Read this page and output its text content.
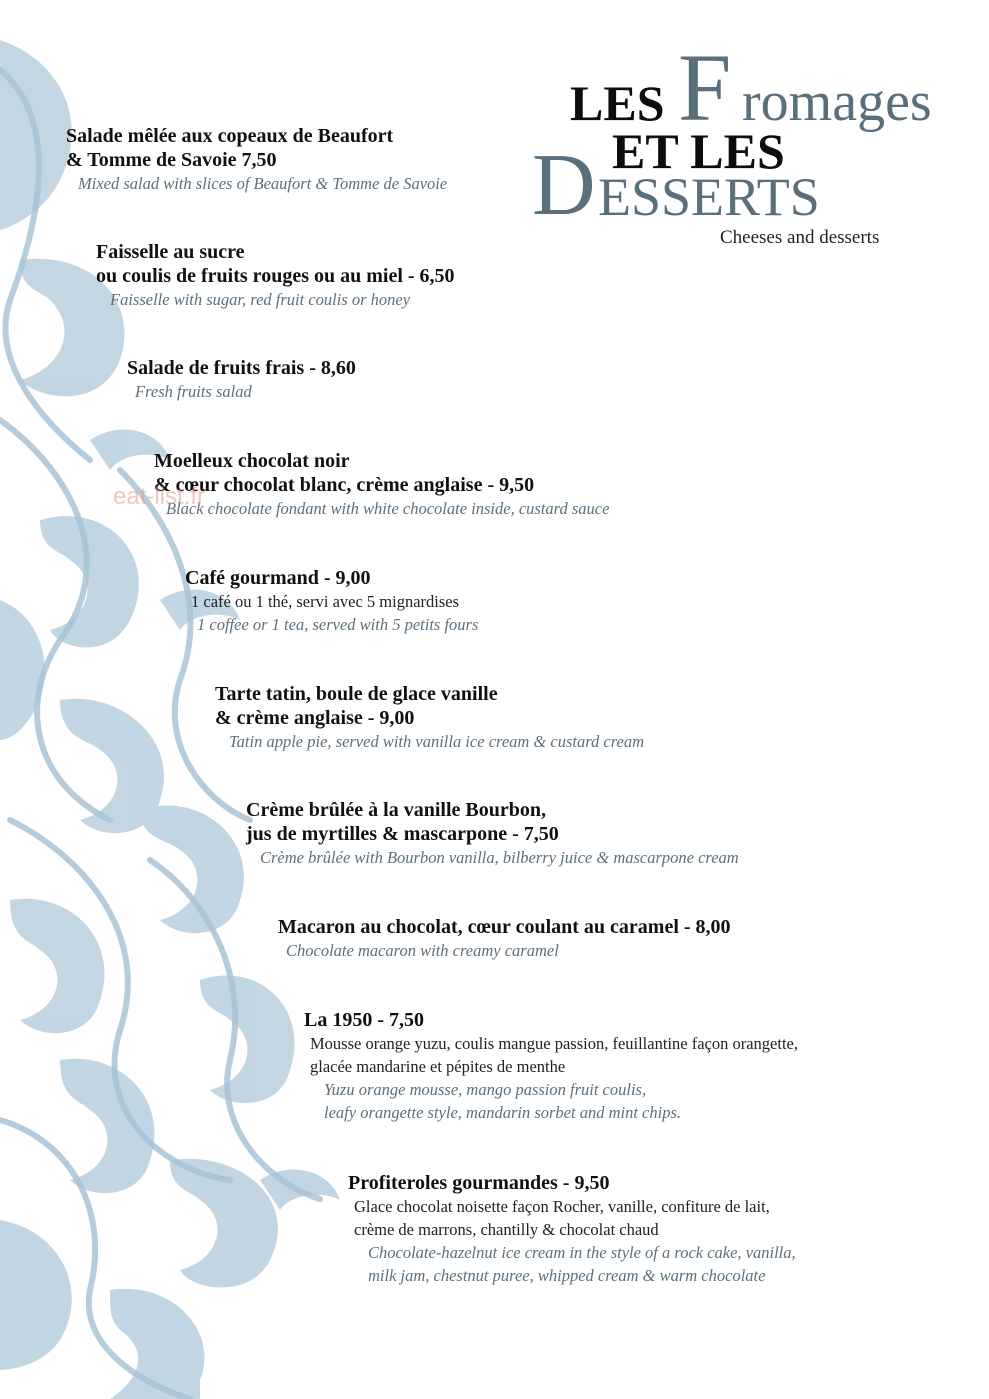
LES F romages
ET LES
D ESSERTS
Cheeses and desserts
Salade mêlée aux copeaux de Beaufort
& Tomme de Savoie 7,50
Mixed salad with slices of Beaufort & Tomme de Savoie
Faisselle au sucre
ou coulis de fruits rouges ou au miel - 6,50
Faisselle with sugar, red fruit coulis or honey
Salade de fruits frais - 8,60
Fresh fruits salad
Moelleux chocolat noir
& cœur chocolat blanc, crème anglaise - 9,50
Black chocolate fondant with white chocolate inside, custard sauce
Café gourmand - 9,00
1 café ou 1 thé, servi avec 5 mignardises
1 coffee or 1 tea, served with 5 petits fours
Tarte tatin, boule de glace vanille
& crème anglaise - 9,00
Tatin apple pie, served with vanilla ice cream & custard cream
Crème brûlée à la vanille Bourbon,
jus de myrtilles & mascarpone - 7,50
Crème brûlée with Bourbon vanilla, bilberry juice & mascarpone cream
Macaron au chocolat, cœur coulant au caramel - 8,00
Chocolate macaron with creamy caramel
La 1950 - 7,50
Mousse orange yuzu, coulis mangue passion, feuillantine façon orangette,
glacée mandarine et pépites de menthe
Yuzu orange mousse, mango passion fruit coulis,
leafy orangette style, mandarin sorbet and mint chips.
Profiteroles gourmandes - 9,50
Glace chocolat noisette façon Rocher, vanille, confiture de lait,
crème de marrons, chantilly & chocolat chaud
Chocolate-hazelnut ice cream in the style of a rock cake, vanilla,
milk jam, chestnut puree, whipped cream & warm chocolate
eat-list.fr
